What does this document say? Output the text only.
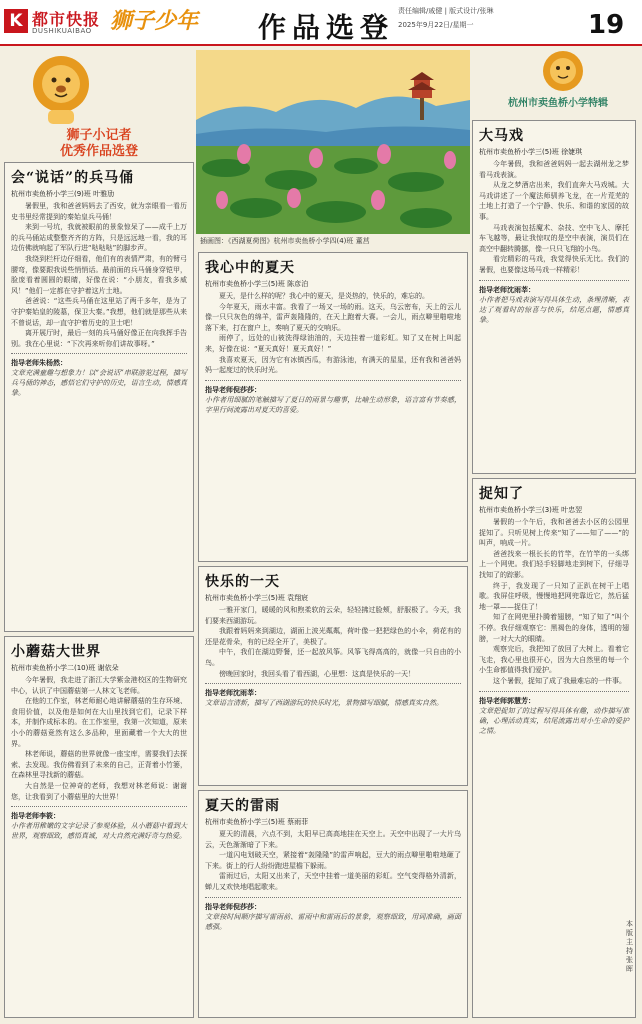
K 都市快报
DUSHIKUAIBAO 狮子少年 作品选登 责任编辑/戚健 | 版式设计/张琳
2025年9月22日/星期一	19
狮子小记者
优秀作品选登
插画图：《西湖夏荷图》杭州市卖鱼桥小学四(4)班 董莒
杭州市卖鱼桥小学特辑
会“说话”的兵马俑
杭州市卖鱼桥小学三(9)班 叶雅劢

暑假里，我和爸爸妈妈去了西安，就为亲眼看一看历史书里经常提到的秦始皇兵马俑！

来到一号坑，我就被眼前的景象惊呆了——成千上万的兵马俑站成整整齐齐的方阵，只是远远地一看，我的耳边仿佛就响起了军队行进“哒哒哒”的脚步声。

我绕到栏杆边仔细看，他们有的表情严肃，有的臂弓腰弯，像要跟我说些悄悄话。最前面的兵马俑身穿铠甲，脸庞看着圆圆的眼睛，好像在说：“小朋友，看我多威风！”他们一定都在守护着这片土地。

爸爸说：“这些兵马俑在这里站了两千多年，是为了守护秦始皇的陵墓，保卫大秦。”我想，他们就是那些从来不曾说话，却一直守护着历史的卫士吧！

离开展厅时，最后一刻的兵马俑好像正在向我挥手告别。我在心里说：“下次再来听你们讲故事呀。”

指导老师朱杨然：

文章充满童趣与想象力！以“会说话”串联游览过程，描写兵马俑的神态，感悟它们守护的历史，语言生动，情感真挚。

小蘑菇大世界
杭州市卖鱼桥小学二(10)班 谢依朵

今年暑假，我走进了浙江大学紫金港校区的生物研究中心，认识了中国蘑菇第一人林文飞老师。

在他的工作室，林老师耐心地讲解蘑菇的生存环境、食用价值，以及他是如何在大山里找到它们，记录下样本，并制作成标本的。在工作室里，我第一次知道，原来小小的蘑菇竟然有这么多品种，里面藏着一个大大的世界。

林老师说，蘑菇的世界就像一座宝库，需要我们去探索、去发现。我仿佛看到了未来的自己，正背着小竹篓，在森林里寻找新的蘑菇。

大自然是一位神奇的老师，我想对林老师说：谢谢您，让我看到了小蘑菇里的大世界！

指导老师李筱：

小作者用稚嫩的文字记录了参观体验，从小蘑菇中看到大世界，观察细致，感悟真诚，对大自然充满好奇与热爱。

我心中的夏天
杭州市卖鱼桥小学三(5)班 陈彦泊

夏天，是什么样的呢？我心中的夏天，是炎热的，快乐的，难忘的。

今年夏天，雨水丰富。我看了一场又一场的雨。这天，乌云密布，天上的云儿像一只只灰色的绵羊，雷声轰隆隆的，在天上跑着大赛。一会儿，雨点噼里啪啦地落下来，打在窗户上，奏响了夏天的交响乐。

雨停了，远处的山被洗得绿油油的，天边挂着一道彩虹。知了又在树上叫起来，好像在说：“夏天真好！夏天真好！”

我喜欢夏天，因为它有冰镇西瓜，有游泳池，有满天的星星，还有我和爸爸妈妈一起度过的快乐时光。

指导老师倪莎莎：

小作者用细腻的笔触描写了夏日的雨景与趣事，比喻生动形象，语言富有节奏感，字里行间流露出对夏天的喜爱。

快乐的一天
杭州市卖鱼桥小学三(5)班 袁翔宸

一雅开家门，暖暖的风和煦柔软的云朵，轻轻拂过脸颊，舒服极了。今天，我们要来西湖游玩。

我跟着妈妈来到湖边，湖面上波光粼粼，荷叶像一把把绿色的小伞，荷花有的还是花骨朵，有的已经全开了，美极了。

中午，我们在湖边野餐，还一起放风筝。风筝飞得高高的，就像一只自由的小鸟。

傍晚回家时，我回头看了看西湖，心里想：这真是快乐的一天！

指导老师沈雨莘：

文章语言清新，描写了西湖游玩的快乐时光，景物描写细腻，情感真实自然。

夏天的雷雨
杭州市卖鱼桥小学三(5)班 蔡雨菲

夏天的清晨，六点不到，太阳早已高高地挂在天空上。天空中出现了一大片乌云，天色渐渐暗了下来。

一道闪电划破天空，紧接着“轰隆隆”的雷声响起，豆大的雨点噼里啪啦地砸了下来。街上的行人纷纷跑进屋檐下躲雨。

雷雨过后，太阳又出来了，天空中挂着一道美丽的彩虹。空气变得格外清新，蝉儿又欢快地唱起歌来。

指导老师倪莎莎：

文章按时间顺序描写雷雨前、雷雨中和雷雨后的景象，观察细致，用词准确，画面感强。

大马戏
杭州市卖鱼桥小学三(5)班 徐婕琪

今年暑假，我和爸爸妈妈一起去湖州龙之梦看马戏表演。

从龙之梦酒店出来，我们直奔大马戏城。大马戏讲述了一个魔法师驯养飞龙，在一片荒芜的土地上打造了一个宁静、快乐、和谐的家园的故事。

马戏表演包括魔术、杂技、空中飞人、摩托车飞越等，最让我惊叹的是空中表演，演员们在高空中翻转腾挪，像一只只飞翔的小鸟。

看完精彩的马戏，我觉得快乐无比。我们的暑假，也要像这场马戏一样精彩！

指导老师沈雨莘：

小作者把马戏表演写得具体生动，条理清晰，表达了观看时的惊喜与快乐，结尾点题，情感真挚。

捉知了
杭州市卖鱼桥小学三(3)班 叶忠翌

暑假的一个午后，我和爸爸去小区的公园里捉知了。只听见树上传来“知了——知了——”的叫声，响成一片。

爸爸找来一根长长的竹竿，在竹竿的一头绑上一个网兜。我们轻手轻脚地走到树下，仔细寻找知了的踪影。

终于，我发现了一只知了正趴在树干上唱歌。我屏住呼吸，慢慢地把网兜靠近它，然后猛地一罩——捉住了！

知了在网兜里扑腾着翅膀，“知了知了”叫个不停。我仔细观察它：黑褐色的身体，透明的翅膀，一对大大的眼睛。

观察完后，我把知了放回了大树上。看着它飞走，我心里也很开心，因为大自然里的每一个小生命都值得我们爱护。

这个暑假，捉知了成了我最难忘的一件事。

指导老师郭慧芳：

文章把捉知了的过程写得具体有趣，动作描写准确，心理活动真实，结尾流露出对小生命的爱护之情。

本版主持 张晖
